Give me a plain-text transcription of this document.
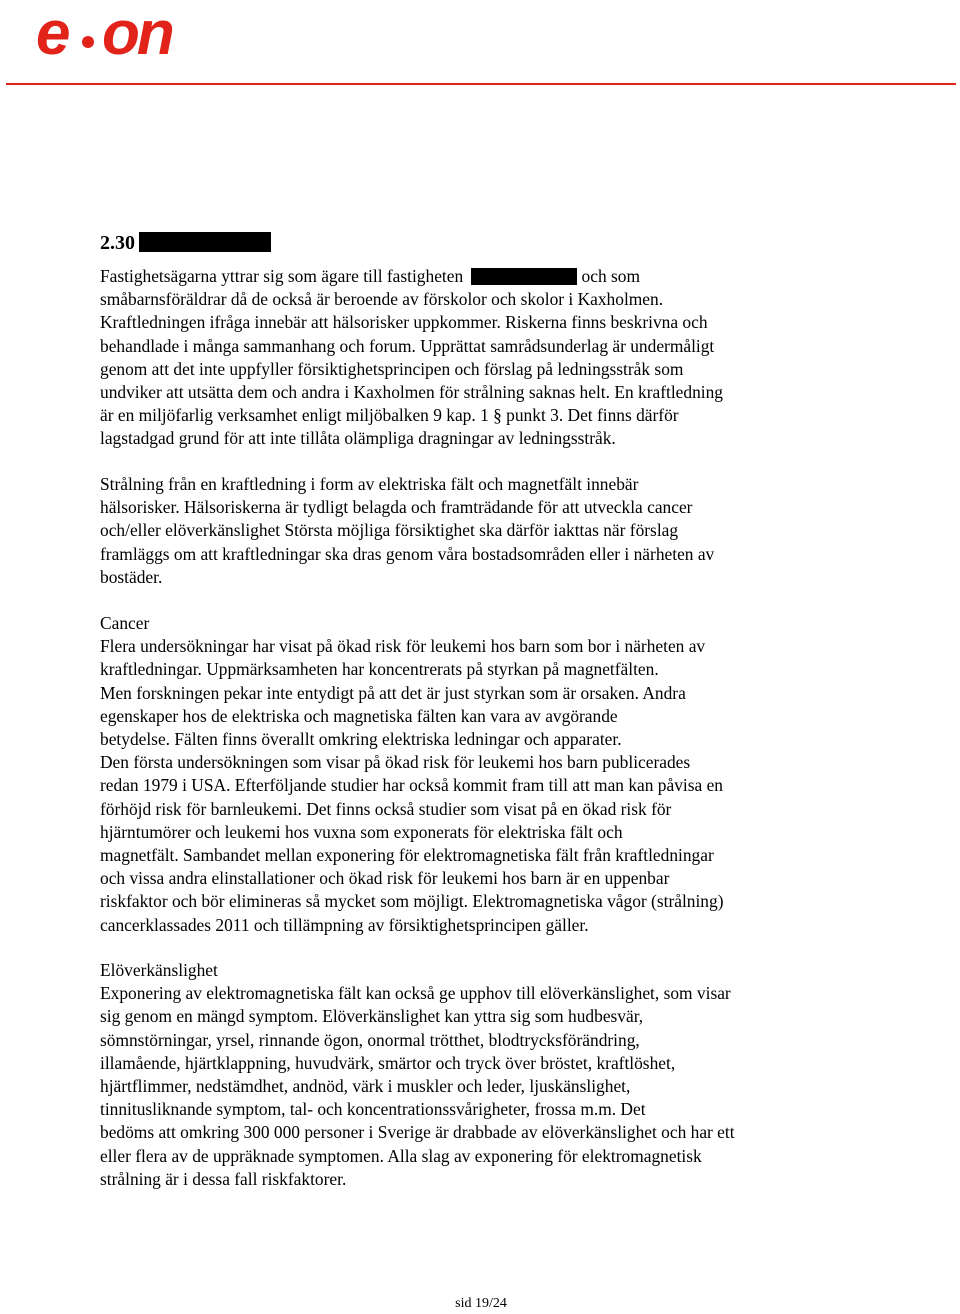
e on
2.30
Fastighetsägarna yttrar sig som ägare till fastigheten	och som
småbarnsföräldrar då de också är beroende av förskolor och skolor i Kaxholmen.
Kraftledningen ifråga innebär att hälsorisker uppkommer. Riskerna finns beskrivna och
behandlade i många sammanhang och forum. Upprättat samrådsunderlag är undermåligt
genom att det inte uppfyller försiktighetsprincipen och förslag på ledningsstråk som
undviker att utsätta dem och andra i Kaxholmen för strålning saknas helt. En kraftledning
är en miljöfarlig verksamhet enligt miljöbalken 9 kap. 1 § punkt 3. Det finns därför
lagstadgad grund för att inte tillåta olämpliga dragningar av ledningsstråk.
Strålning från en kraftledning i form av elektriska fält och magnetfält innebär
hälsorisker. Hälsoriskerna är tydligt belagda och framträdande för att utveckla cancer
och/eller elöverkänslighet Största möjliga försiktighet ska därför iakttas när förslag
framläggs om att kraftledningar ska dras genom våra bostadsområden eller i närheten av
bostäder.
Cancer
Flera undersökningar har visat på ökad risk för leukemi hos barn som bor i närheten av
kraftledningar. Uppmärksamheten har koncentrerats på styrkan på magnetfälten.
Men forskningen pekar inte entydigt på att det är just styrkan som är orsaken. Andra
egenskaper hos de elektriska och magnetiska fälten kan vara av avgörande
betydelse. Fälten finns överallt omkring elektriska ledningar och apparater.
Den första undersökningen som visar på ökad risk för leukemi hos barn publicerades
redan 1979 i USA. Efterföljande studier har också kommit fram till att man kan påvisa en
förhöjd risk för barnleukemi. Det finns också studier som visat på en ökad risk för
hjärntumörer och leukemi hos vuxna som exponerats för elektriska fält och
magnetfält. Sambandet mellan exponering för elektromagnetiska fält från kraftledningar
och vissa andra elinstallationer och ökad risk för leukemi hos barn är en uppenbar
riskfaktor och bör elimineras så mycket som möjligt. Elektromagnetiska vågor (strålning)
cancerklassades 2011 och tillämpning av försiktighetsprincipen gäller.
Elöverkänslighet
Exponering av elektromagnetiska fält kan också ge upphov till elöverkänslighet, som visar
sig genom en mängd symptom. Elöverkänslighet kan yttra sig som hudbesvär,
sömnstörningar, yrsel, rinnande ögon, onormal trötthet, blodtrycksförändring,
illamående, hjärtklappning, huvudvärk, smärtor och tryck över bröstet, kraftlöshet,
hjärtflimmer, nedstämdhet, andnöd, värk i muskler och leder, ljuskänslighet,
tinnitusliknande symptom, tal- och koncentrationssvårigheter, frossa m.m. Det
bedöms att omkring 300 000 personer i Sverige är drabbade av elöverkänslighet och har ett
eller flera av de uppräknade symptomen. Alla slag av exponering för elektromagnetisk
strålning är i dessa fall riskfaktorer.
sid 19/24
